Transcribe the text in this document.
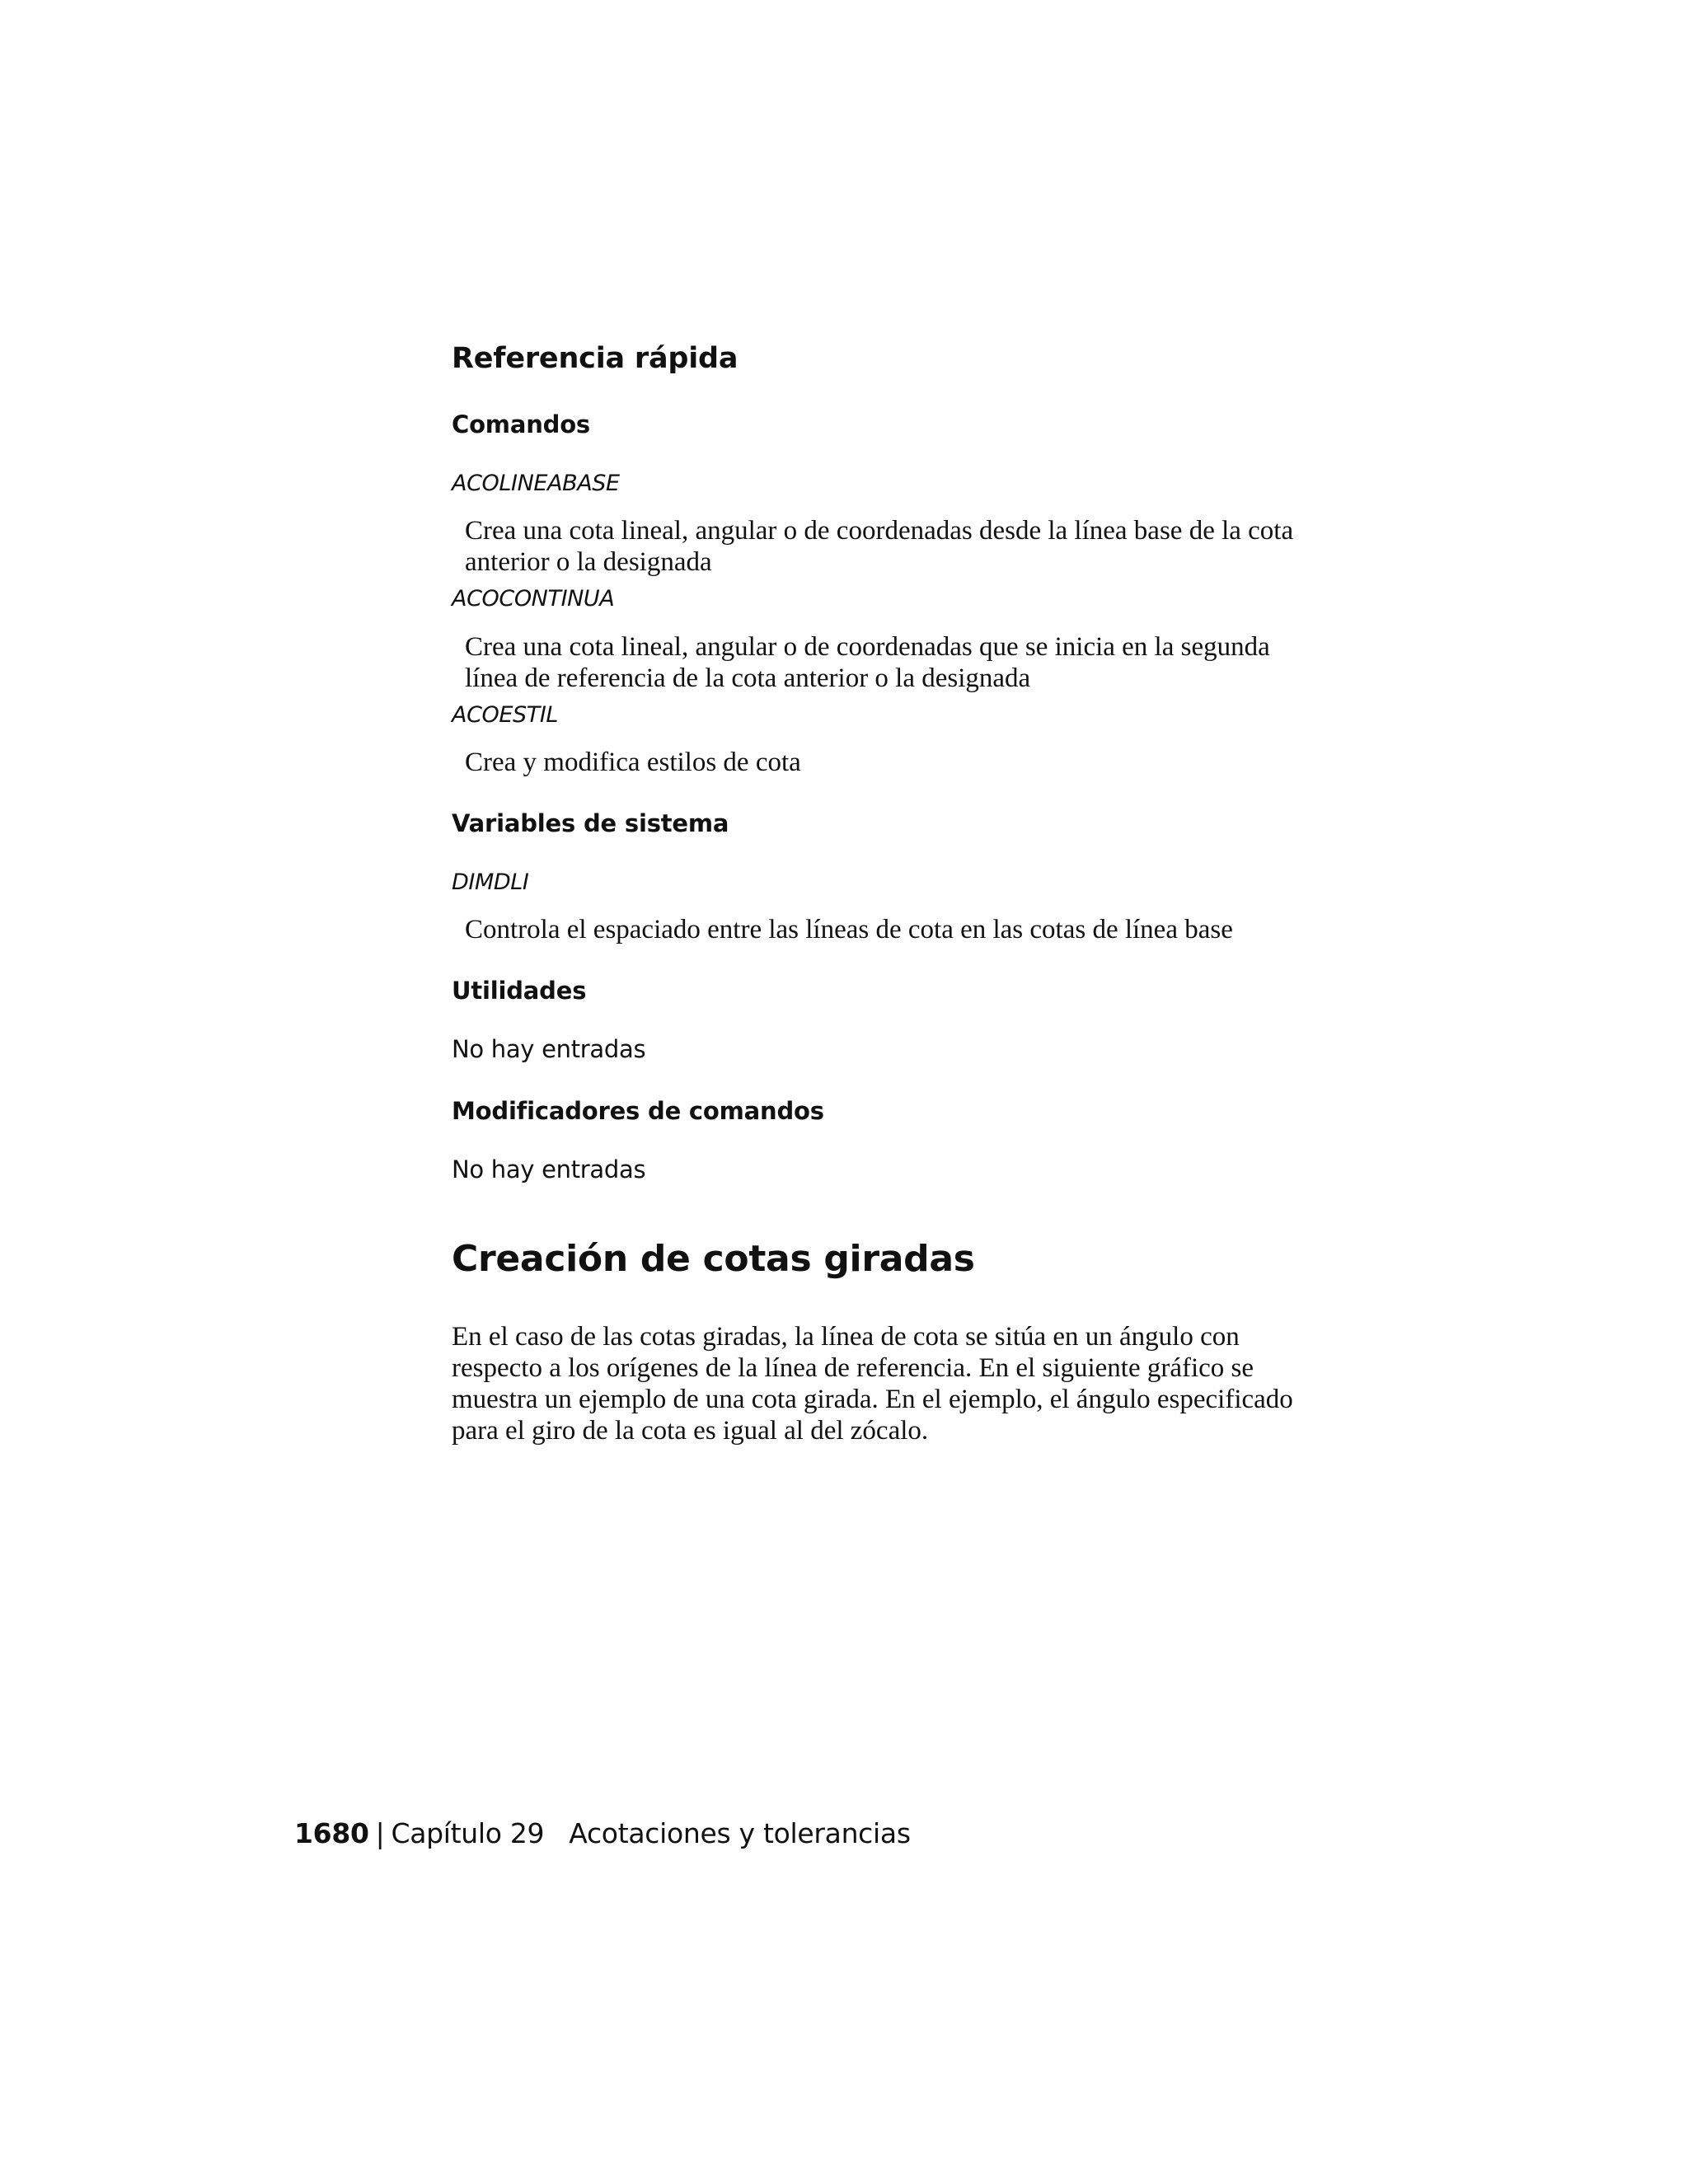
Referencia rápida
Comandos
ACOLINEABASE
Crea una cota lineal, angular o de coordenadas desde la línea base de la cota
anterior o la designada
ACOCONTINUA
Crea una cota lineal, angular o de coordenadas que se inicia en la segunda
línea de referencia de la cota anterior o la designada
ACOESTIL
Crea y modifica estilos de cota
Variables de sistema
DIMDLI
Controla el espaciado entre las líneas de cota en las cotas de línea base
Utilidades
No hay entradas
Modificadores de comandos
No hay entradas
Creación de cotas giradas
En el caso de las cotas giradas, la línea de cota se sitúa en un ángulo con
respecto a los orígenes de la línea de referencia. En el siguiente gráfico se
muestra un ejemplo de una cota girada. En el ejemplo, el ángulo especificado
para el giro de la cota es igual al del zócalo.
1680 | Capítulo 29 Acotaciones y tolerancias
